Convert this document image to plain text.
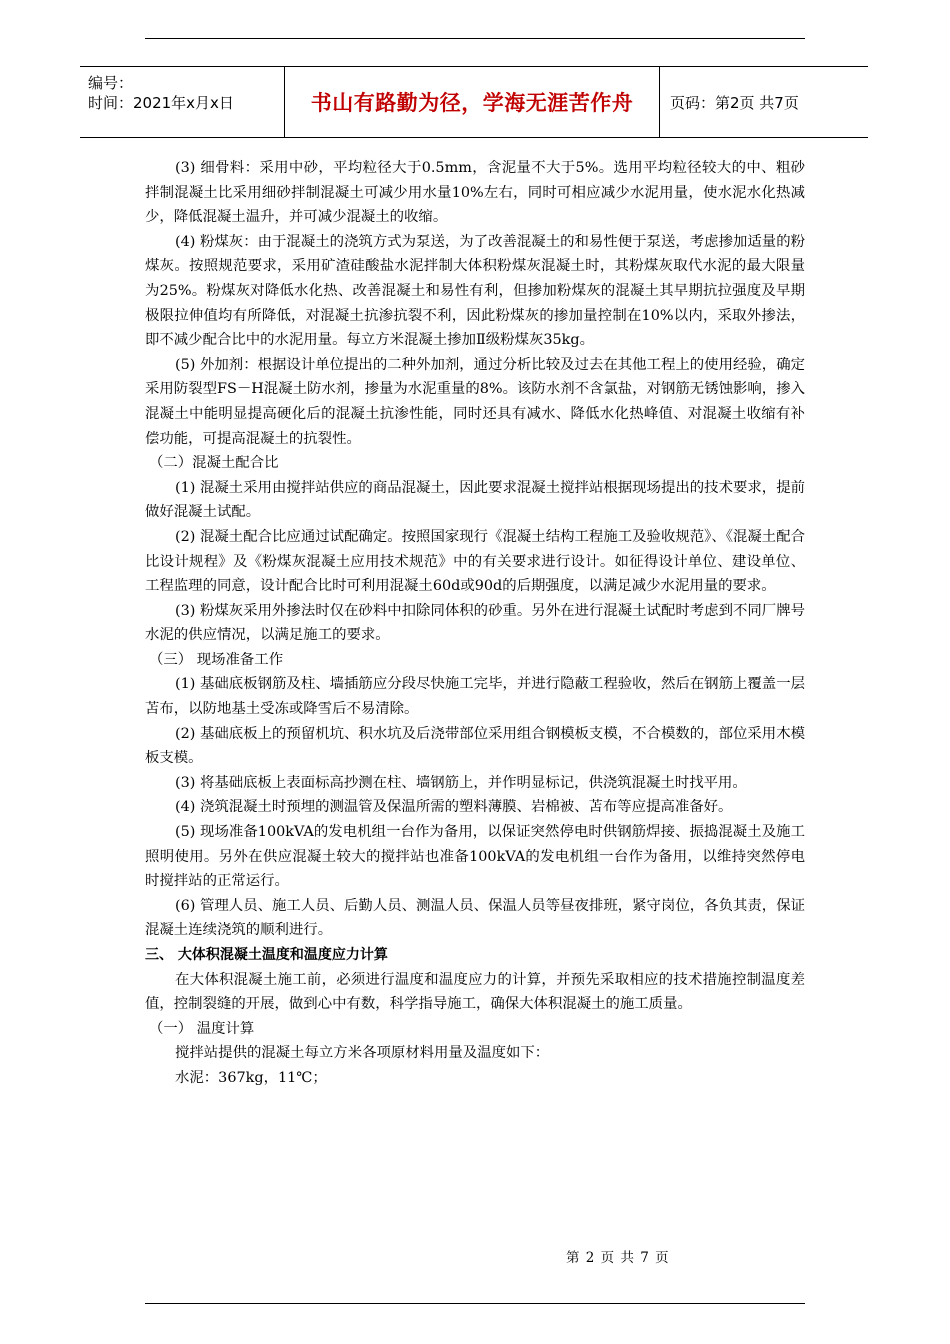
编号：
时间：2021年x月x日	书山有路勤为径，学海无涯苦作舟	页码：第2页 共7页

(3) 细骨料：采用中砂，平均粒径大于0.5mm，含泥量不大于5%。选用平均粒径较大的中、粗砂拌制混凝土比采用细砂拌制混凝土可减少用水量10%左右，同时可相应减少水泥用量，使水泥水化热减少，降低混凝土温升，并可减少混凝土的收缩。

(4) 粉煤灰：由于混凝土的浇筑方式为泵送，为了改善混凝土的和易性便于泵送，考虑掺加适量的粉煤灰。按照规范要求，采用矿渣硅酸盐水泥拌制大体积粉煤灰混凝土时，其粉煤灰取代水泥的最大限量为25%。粉煤灰对降低水化热、改善混凝土和易性有利，但掺加粉煤灰的混凝土其早期抗拉强度及早期极限拉伸值均有所降低，对混凝土抗渗抗裂不利，因此粉煤灰的掺加量控制在10%以内，采取外掺法，即不减少配合比中的水泥用量。每立方米混凝土掺加Ⅱ级粉煤灰35kg。

(5) 外加剂：根据设计单位提出的二种外加剂，通过分析比较及过去在其他工程上的使用经验，确定采用防裂型FS－H混凝土防水剂，掺量为水泥重量的8%。该防水剂不含氯盐，对钢筋无锈蚀影响，掺入混凝土中能明显提高硬化后的混凝土抗渗性能，同时还具有减水、降低水化热峰值、对混凝土收缩有补偿功能，可提高混凝土的抗裂性。

（二）混凝土配合比

(1) 混凝土采用由搅拌站供应的商品混凝土，因此要求混凝土搅拌站根据现场提出的技术要求，提前做好混凝土试配。

(2) 混凝土配合比应通过试配确定。按照国家现行《混凝土结构工程施工及验收规范》、《混凝土配合比设计规程》及《粉煤灰混凝土应用技术规范》中的有关要求进行设计。如征得设计单位、建设单位、工程监理的同意，设计配合比时可利用混凝土60d或90d的后期强度，以满足减少水泥用量的要求。

(3) 粉煤灰采用外掺法时仅在砂料中扣除同体积的砂重。另外在进行混凝土试配时考虑到不同厂牌号水泥的供应情况，以满足施工的要求。

（三） 现场准备工作

(1) 基础底板钢筋及柱、墙插筋应分段尽快施工完毕，并进行隐蔽工程验收，然后在钢筋上覆盖一层苫布，以防地基土受冻或降雪后不易清除。

(2) 基础底板上的预留机坑、积水坑及后浇带部位采用组合钢模板支模，不合模数的，部位采用木模板支模。

(3) 将基础底板上表面标高抄测在柱、墙钢筋上，并作明显标记，供浇筑混凝土时找平用。

(4) 浇筑混凝土时预埋的测温管及保温所需的塑料薄膜、岩棉被、苫布等应提高准备好。

(5) 现场准备100kVA的发电机组一台作为备用，以保证突然停电时供钢筋焊接、振捣混凝土及施工照明使用。另外在供应混凝土较大的搅拌站也准备100kVA的发电机组一台作为备用，以维持突然停电时搅拌站的正常运行。

(6) 管理人员、施工人员、后勤人员、测温人员、保温人员等昼夜排班，紧守岗位，各负其责，保证混凝土连续浇筑的顺利进行。

三、 大体积混凝土温度和温度应力计算

在大体积混凝土施工前，必须进行温度和温度应力的计算，并预先采取相应的技术措施控制温度差值，控制裂缝的开展，做到心中有数，科学指导施工，确保大体积混凝土的施工质量。

（一） 温度计算

搅拌站提供的混凝土每立方米各项原材料用量及温度如下：

水泥：367kg，11℃；

第 2 页 共 7 页
